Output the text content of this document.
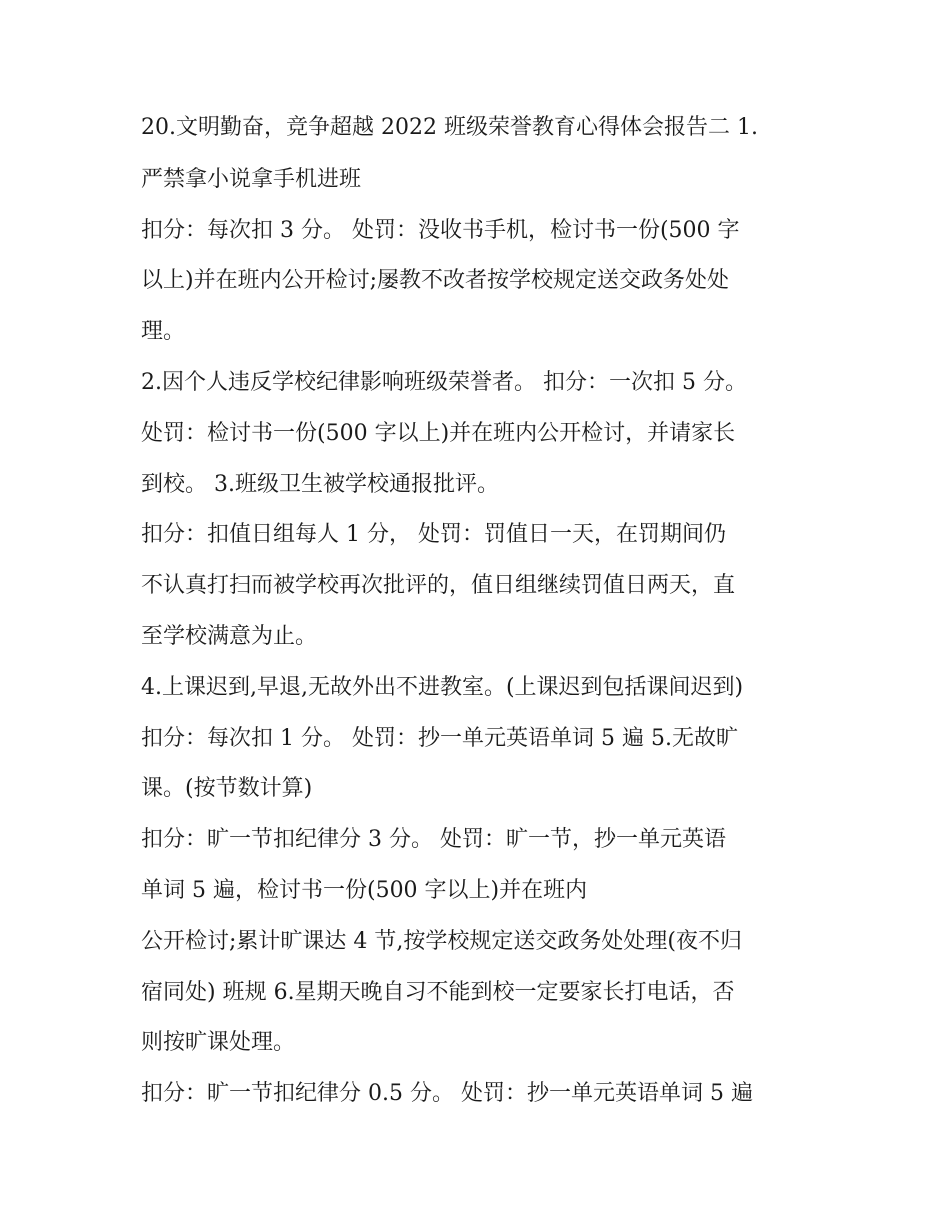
20.文明勤奋，竞争超越 2022 班级荣誉教育心得体会报告二 1.
严禁拿小说拿手机进班
扣分：每次扣 3 分。 处罚：没收书手机，检讨书一份(500 字
以上)并在班内公开检讨;屡教不改者按学校规定送交政务处处
理。
2.因个人违反学校纪律影响班级荣誉者。 扣分：一次扣 5 分。
处罚：检讨书一份(500 字以上)并在班内公开检讨，并请家长
到校。 3.班级卫生被学校通报批评。
扣分：扣值日组每人 1 分， 处罚：罚值日一天，在罚期间仍
不认真打扫而被学校再次批评的，值日组继续罚值日两天，直
至学校满意为止。
4.上课迟到,早退,无故外出不进教室。(上课迟到包括课间迟到)
扣分：每次扣 1 分。 处罚：抄一单元英语单词 5 遍 5.无故旷
课。(按节数计算)
扣分：旷一节扣纪律分 3 分。 处罚：旷一节，抄一单元英语
单词 5 遍，检讨书一份(500 字以上)并在班内
公开检讨;累计旷课达 4 节,按学校规定送交政务处处理(夜不归
宿同处) 班规 6.星期天晚自习不能到校一定要家长打电话，否
则按旷课处理。
扣分：旷一节扣纪律分 0.5 分。 处罚：抄一单元英语单词 5 遍
